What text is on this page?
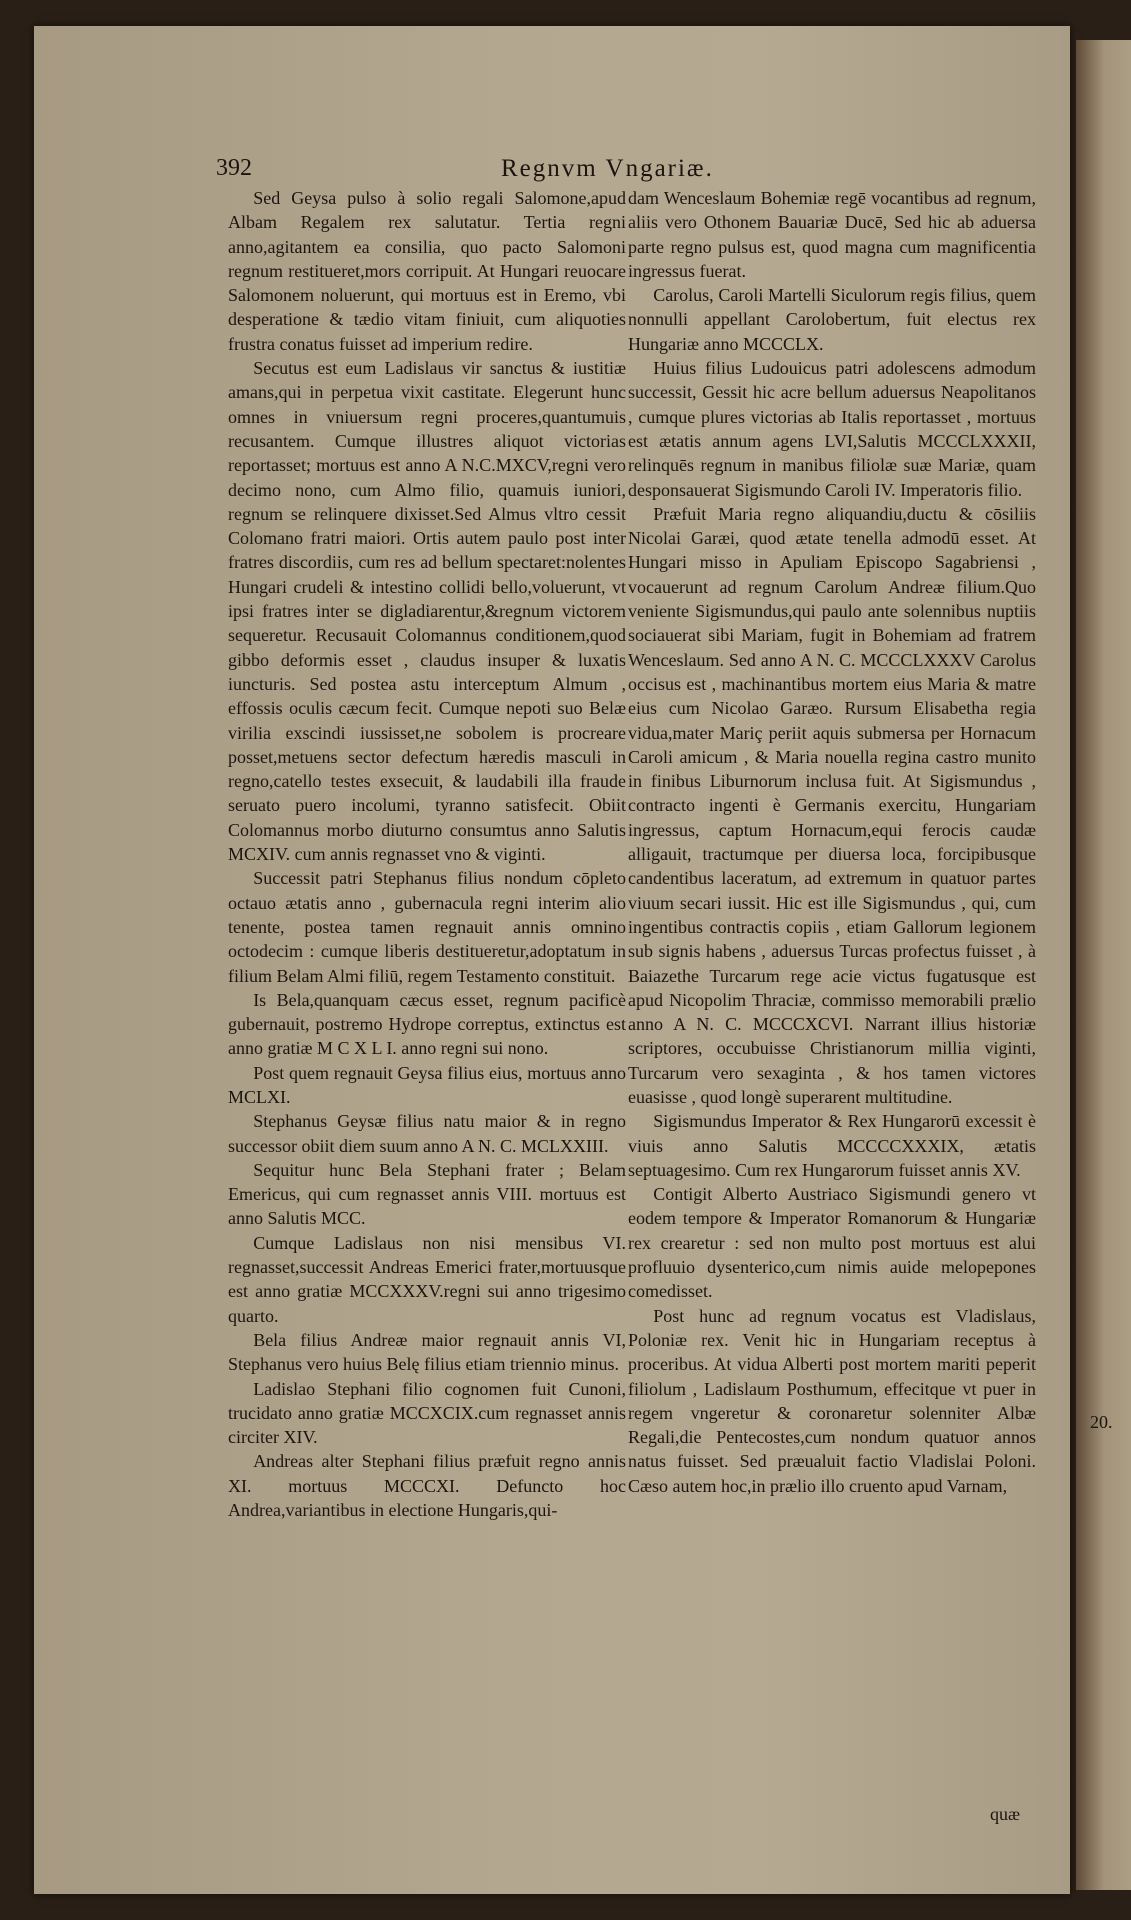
392	Regnvm Vngariæ.

Sed Geysa pulso à solio regali Salomone,apud Albam Regalem rex salutatur. Tertia regni anno,agitantem ea consilia, quo pacto Salomoni regnum restitueret,mors corripuit. At Hungari reuocare Salomonem noluerunt, qui mortuus est in Eremo, vbi desperatione & tædio vitam finiuit, cum aliquoties frustra conatus fuisset ad imperium redire.

Secutus est eum Ladislaus vir sanctus & iustitiæ amans,qui in perpetua vixit castitate. Elegerunt hunc omnes in vniuersum regni proceres,quantumuis recusantem. Cumque illustres aliquot victorias reportasset; mortuus est anno A N.C.MXCV,regni vero decimo nono, cum Almo filio, quamuis iuniori, regnum se relinquere dixisset.Sed Almus vltro cessit Colomano fratri maiori. Ortis autem paulo post inter fratres discordiis, cum res ad bellum spectaret:nolentes Hungari crudeli & intestino collidi bello,voluerunt, vt ipsi fratres inter se digladiarentur,&regnum victorem sequeretur. Recusauit Colomannus conditionem,quod gibbo deformis esset , claudus insuper & luxatis iuncturis. Sed postea astu interceptum Almum , effossis oculis cæcum fecit. Cumque nepoti suo Belæ virilia exscindi iussisset,ne sobolem is procreare posset,metuens sector defectum hæredis masculi in regno,catello testes exsecuit, & laudabili illa fraude seruato puero incolumi, tyranno satisfecit. Obiit Colomannus morbo diuturno consumtus anno Salutis MCXIV. cum annis regnasset vno & viginti.

Successit patri Stephanus filius nondum cōpleto octauo ætatis anno , gubernacula regni interim alio tenente, postea tamen regnauit annis omnino octodecim : cumque liberis destitueretur,adoptatum in filium Belam Almi filiū, regem Testamento constituit.

Is Bela,quanquam cæcus esset, regnum pacificè gubernauit, postremo Hydrope correptus, extinctus est anno gratiæ M C X L I. anno regni sui nono.

Post quem regnauit Geysa filius eius, mortuus anno MCLXI.

Stephanus Geysæ filius natu maior & in regno successor obiit diem suum anno A N. C. MCLXXIII.

Sequitur hunc Bela Stephani frater ; Belam Emericus, qui cum regnasset annis VIII. mortuus est anno Salutis MCC.

Cumque Ladislaus non nisi mensibus VI. regnasset,successit Andreas Emerici frater,mortuusque est anno gratiæ MCCXXXV.regni sui anno trigesimo quarto.

Bela filius Andreæ maior regnauit annis VI, Stephanus vero huius Belę filius etiam triennio minus.

Ladislao Stephani filio cognomen fuit Cunoni, trucidato anno gratiæ MCCXCIX.cum regnasset annis circiter XIV.

Andreas alter Stephani filius præfuit regno annis XI. mortuus MCCCXI. Defuncto hoc Andrea,variantibus in electione Hungaris,qui-

dam Wenceslaum Bohemiæ regē vocantibus ad regnum, aliis vero Othonem Bauariæ Ducē, Sed hic ab aduersa parte regno pulsus est, quod magna cum magnificentia ingressus fuerat.

Carolus, Caroli Martelli Siculorum regis filius, quem nonnulli appellant Carolobertum, fuit electus rex Hungariæ anno MCCCLX.

Huius filius Ludouicus patri adolescens admodum successit, Gessit hic acre bellum aduersus Neapolitanos , cumque plures victorias ab Italis reportasset , mortuus est ætatis annum agens LVI,Salutis MCCCLXXXII, relinquēs regnum in manibus filiolæ suæ Mariæ, quam desponsauerat Sigismundo Caroli IV. Imperatoris filio.

Præfuit Maria regno aliquandiu,ductu & cōsiliis Nicolai Garæi, quod ætate tenella admodū esset. At Hungari misso in Apuliam Episcopo Sagabriensi , vocauerunt ad regnum Carolum Andreæ filium.Quo veniente Sigismundus,qui paulo ante solennibus nuptiis sociauerat sibi Mariam, fugit in Bohemiam ad fratrem Wenceslaum. Sed anno A N. C. MCCCLXXXV Carolus occisus est , machinantibus mortem eius Maria & matre eius cum Nicolao Garæo. Rursum Elisabetha regia vidua,mater Mariç periit aquis submersa per Hornacum Caroli amicum , & Maria nouella regina castro munito in finibus Liburnorum inclusa fuit. At Sigismundus , contracto ingenti è Germanis exercitu, Hungariam ingressus, captum Hornacum,equi ferocis caudæ alligauit, tractumque per diuersa loca, forcipibusque candentibus laceratum, ad extremum in quatuor partes viuum secari iussit. Hic est ille Sigismundus , qui, cum ingentibus contractis copiis , etiam Gallorum legionem sub signis habens , aduersus Turcas profectus fuisset , à Baiazethe Turcarum rege acie victus fugatusque est apud Nicopolim Thraciæ, commisso memorabili prælio anno A N. C. MCCCXCVI. Narrant illius historiæ scriptores, occubuisse Christianorum millia viginti, Turcarum vero sexaginta , & hos tamen victores euasisse , quod longè superarent multitudine.

Sigismundus Imperator & Rex Hungarorū excessit è viuis anno Salutis MCCCCXXXIX, ætatis septuagesimo. Cum rex Hungarorum fuisset annis XV.

Contigit Alberto Austriaco Sigismundi genero vt eodem tempore & Imperator Romanorum & Hungariæ rex crearetur : sed non multo post mortuus est alui profluuio dysenterico,cum nimis auide melopepones comedisset.

Post hunc ad regnum vocatus est Vladislaus, Poloniæ rex. Venit hic in Hungariam receptus à proceribus. At vidua Alberti post mortem mariti peperit filiolum , Ladislaum Posthumum, effecitque vt puer in regem vngeretur & coronaretur solenniter Albæ Regali,die Pentecostes,cum nondum quatuor annos natus fuisset. Sed præualuit factio Vladislai Poloni. Cæso autem hoc,in prælio illo cruento apud Varnam,

quæ
20.
